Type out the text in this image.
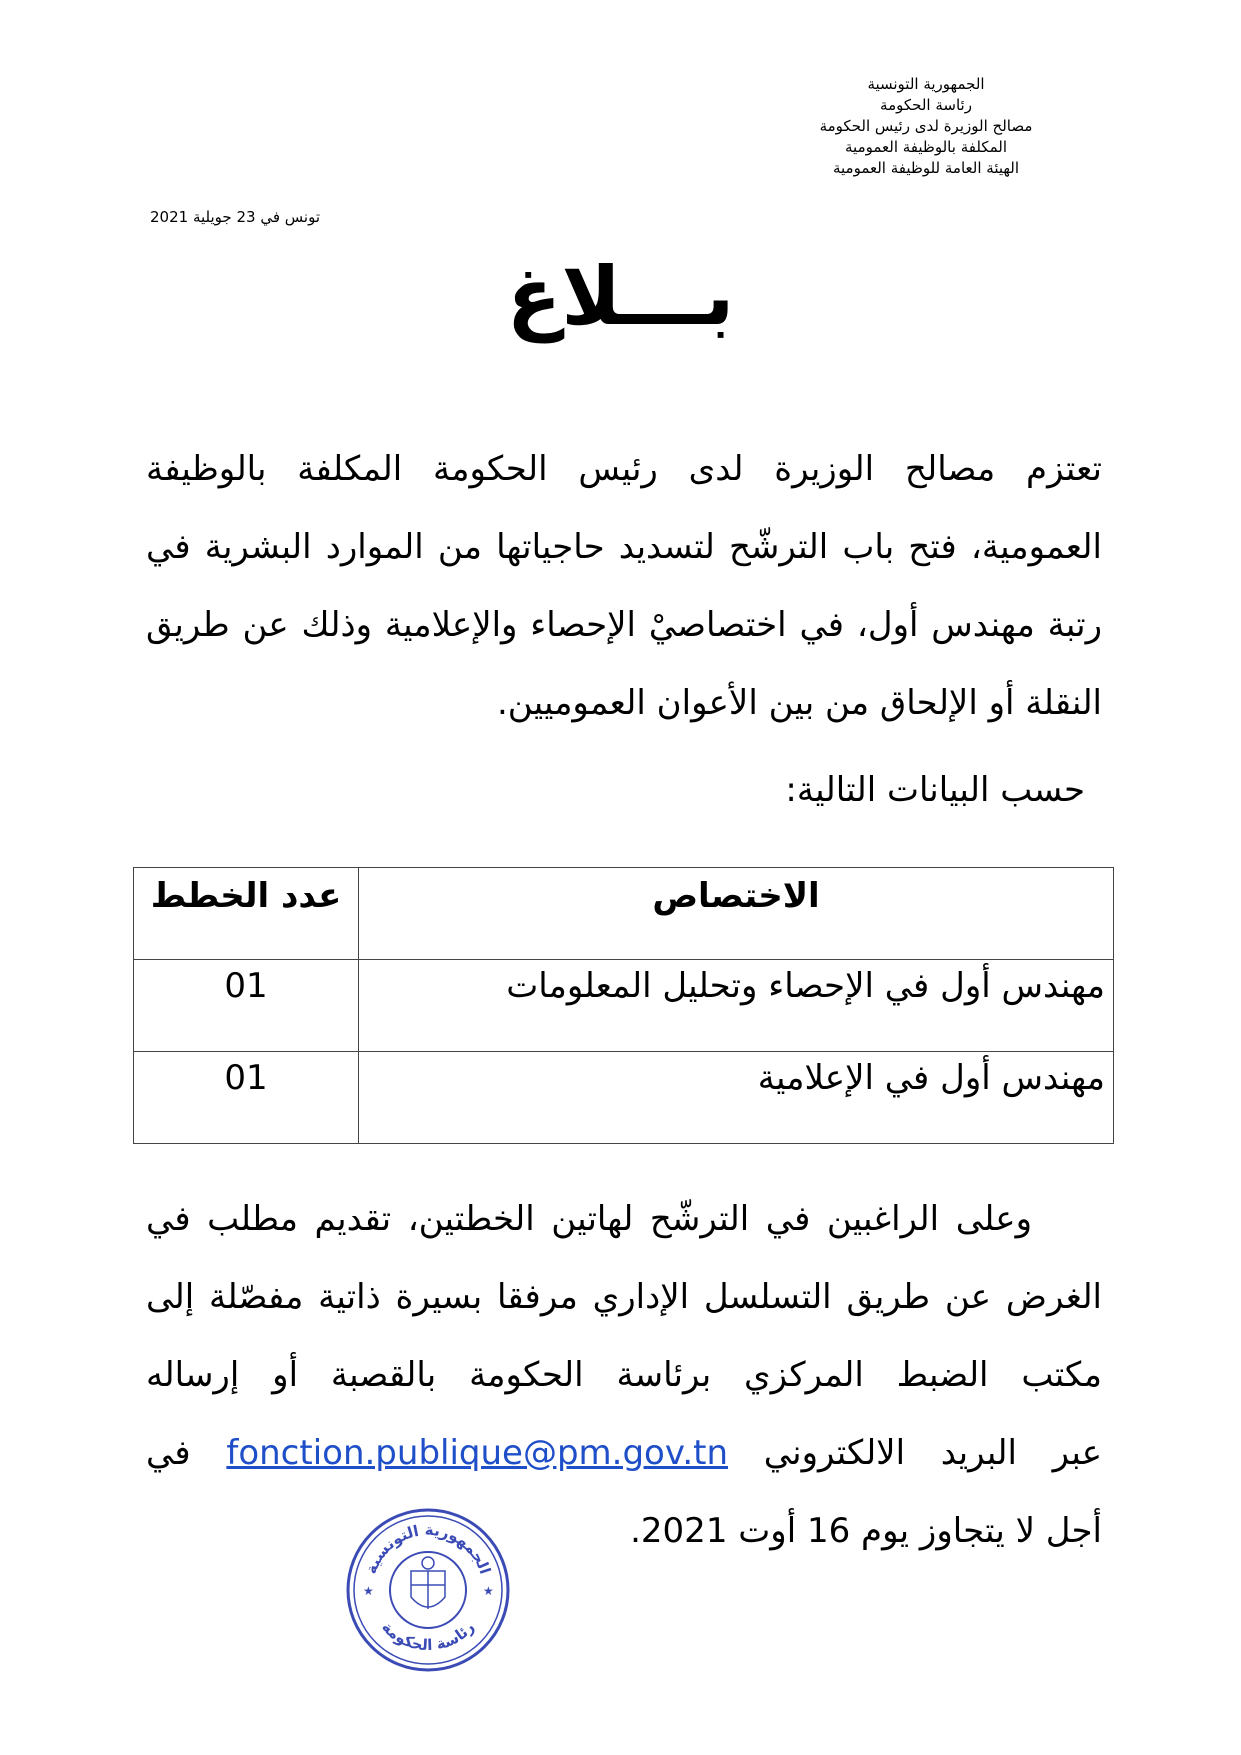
الجمهورية التونسية
رئاسة الحكومة
مصالح الوزيرة لدى رئيس الحكومة
المكلفة بالوظيفة العمومية
الهيئة العامة للوظيفة العمومية
تونس في 23 جويلية 2021
بـــلاغ
تعتزم مصالح الوزيرة لدى رئيس الحكومة المكلفة بالوظيفة العمومية، فتح باب الترشّح لتسديد حاجياتها من الموارد البشرية في رتبة مهندس أول، في اختصاصيْ الإحصاء والإعلامية وذلك عن طريق النقلة أو الإلحاق من بين الأعوان العموميين.
حسب البيانات التالية:
الاختصاص	عدد الخطط
مهندس أول في الإحصاء وتحليل المعلومات	01
مهندس أول في الإعلامية	01
وعلى الراغبين في الترشّح لهاتين الخطتين، تقديم مطلب في الغرض عن طريق التسلسل الإداري مرفقا بسيرة ذاتية مفصّلة إلى مكتب الضبط المركزي برئاسة الحكومة بالقصبة أو إرساله
عبر البريد الالكتروني fonction.publique@pm.gov.tn في
أجل لا يتجاوز يوم 16 أوت 2021.
الجمهورية التونسية
رئاسة الحكومة
★	★
